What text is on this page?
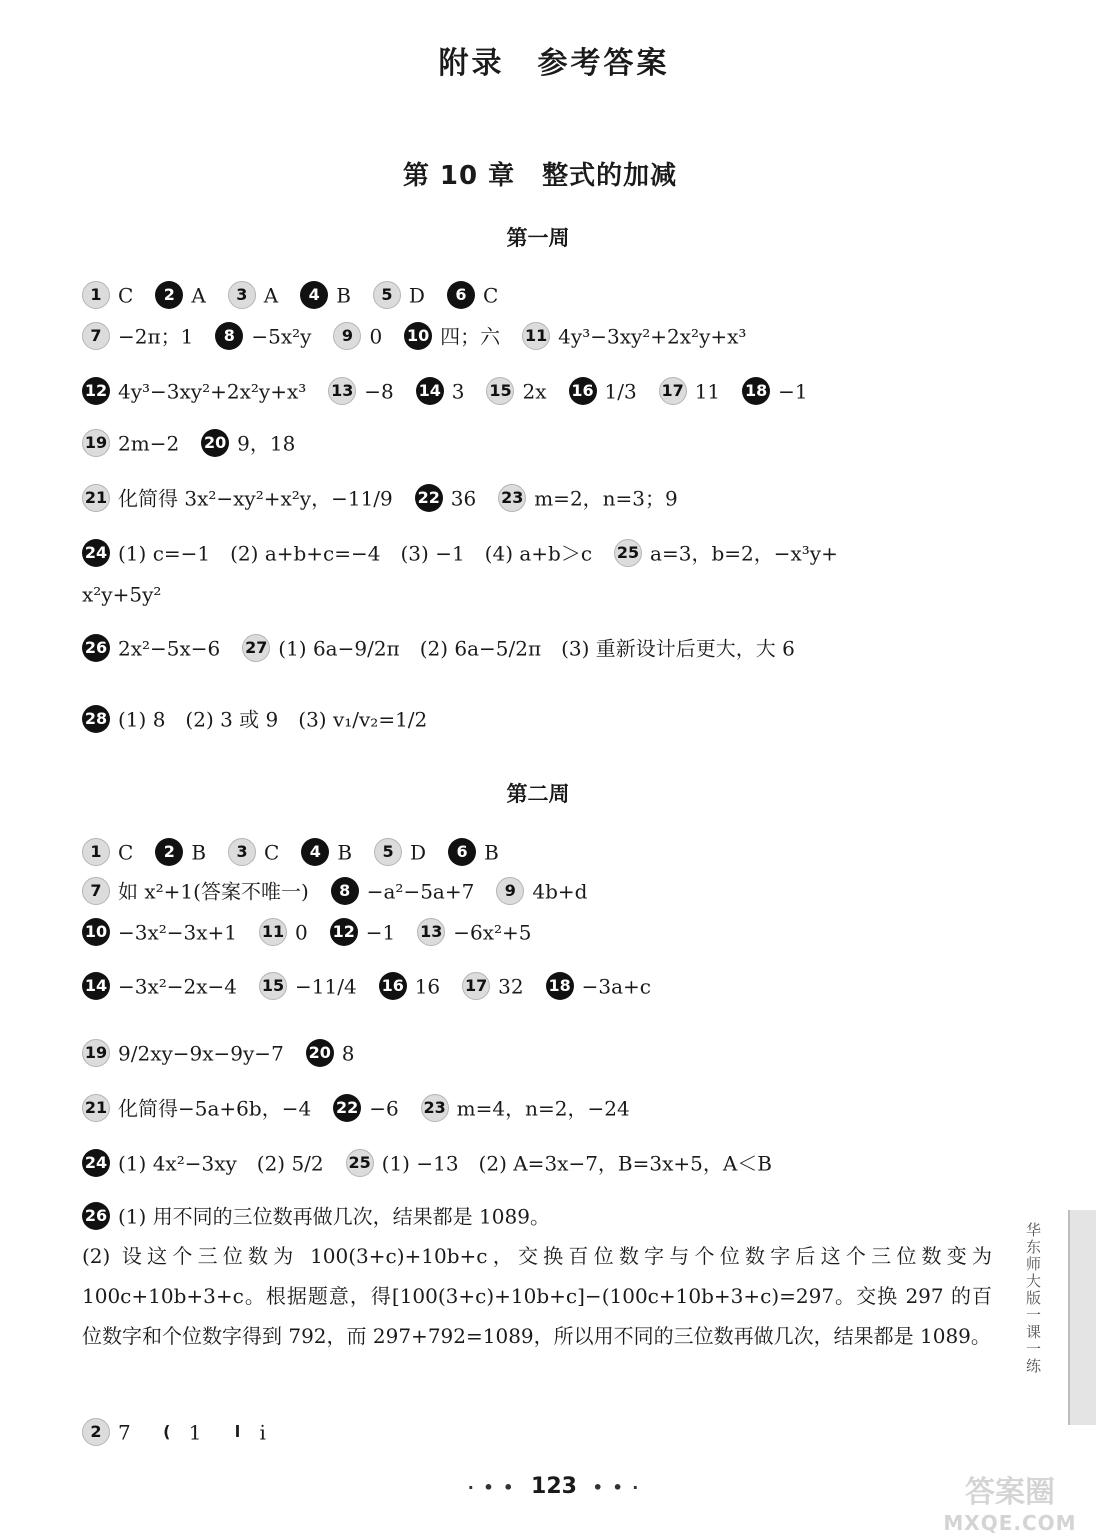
附录　参考答案
第 10 章　整式的加减
第一周
1 C 2 A 3 A 4 B 5 D 6 C
7 −2π；1 8 −5x²y 9 0 10 四；六 11 4y³−3xy²+2x²y+x³
12 4y³−3xy²+2x²y+x³ 13 −8 14 3 15 2x 16 1/3 17 11 18 −1
19 2m−2 20 9，18
21 化简得 3x²−xy²+x²y，−11/9 22 36 23 m=2，n=3；9
24 (1) c=−1　(2) a+b+c=−4　(3) −1　(4) a+b＞c 25 a=3，b=2，−x³y+
x²y+5y²
26 2x²−5x−6 27 (1) 6a−9/2π　(2) 6a−5/2π　(3) 重新设计后更大，大 6
28 (1) 8　(2) 3 或 9　(3) v₁/v₂=1/2
第二周
1 C 2 B 3 C 4 B 5 D 6 B
7 如 x²+1(答案不唯一) 8 −a²−5a+7 9 4b+d
10 −3x²−3x+1 11 0 12 −1 13 −6x²+5
14 −3x²−2x−4 15 −11/4 16 16 17 32 18 −3a+c
19 9/2xy−9x−9y−7 20 8
21 化简得−5a+6b，−4 22 −6 23 m=4，n=2，−24
24 (1) 4x²−3xy　(2) 5/2 25 (1) −13　(2) A=3x−7，B=3x+5，A＜B
26 (1) 用不同的三位数再做几次，结果都是 1089。
(2) 设这个三位数为 100(3+c)+10b+c，交换百位数字与个位数字后这个三位数变为 100c+10b+3+c。根据题意，得[100(3+c)+10b+c]−(100c+10b+3+c)=297。交换 297 的百位数字和个位数字得到 792，而 297+792=1089，所以用不同的三位数再做几次，结果都是 1089。
2 7 ( 1 l i
华东师大版一课一练
· • • 123 • • ·	答案圈
MXQE.COM
